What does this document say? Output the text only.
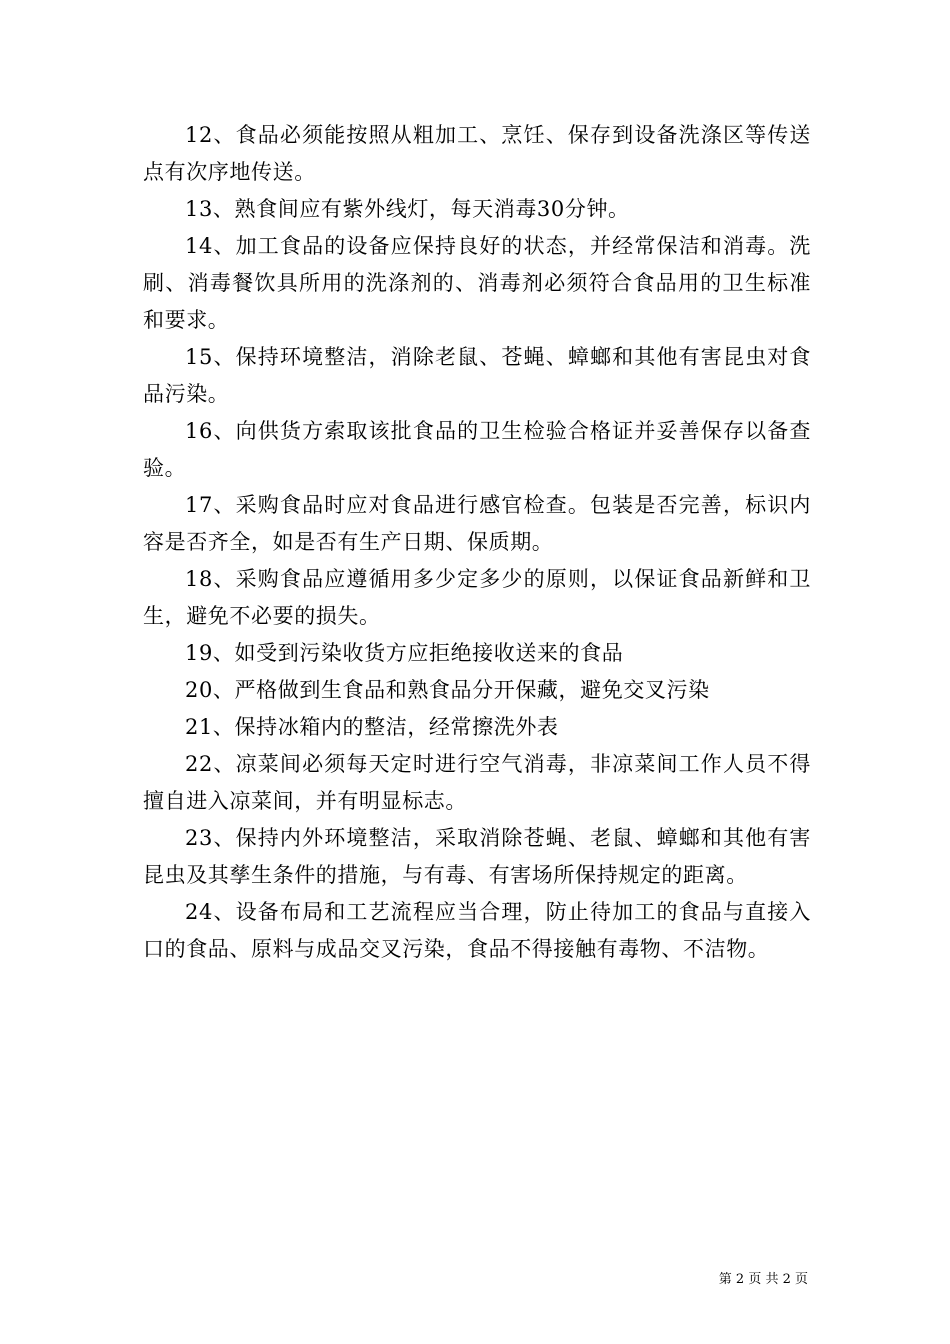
12、食品必须能按照从粗加工、烹饪、保存到设备洗涤区等传送点有次序地传送。

13、熟食间应有紫外线灯，每天消毒30分钟。

14、加工食品的设备应保持良好的状态，并经常保洁和消毒。洗刷、消毒餐饮具所用的洗涤剂的、消毒剂必须符合食品用的卫生标准和要求。

15、保持环境整洁，消除老鼠、苍蝇、蟑螂和其他有害昆虫对食品污染。

16、向供货方索取该批食品的卫生检验合格证并妥善保存以备查验。

17、采购食品时应对食品进行感官检查。包装是否完善，标识内容是否齐全，如是否有生产日期、保质期。

18、采购食品应遵循用多少定多少的原则，以保证食品新鲜和卫生，避免不必要的损失。

19、如受到污染收货方应拒绝接收送来的食品

20、严格做到生食品和熟食品分开保藏，避免交叉污染

21、保持冰箱内的整洁，经常擦洗外表

22、凉菜间必须每天定时进行空气消毒，非凉菜间工作人员不得擅自进入凉菜间，并有明显标志。

23、保持内外环境整洁，采取消除苍蝇、老鼠、蟑螂和其他有害昆虫及其孳生条件的措施，与有毒、有害场所保持规定的距离。

24、设备布局和工艺流程应当合理，防止待加工的食品与直接入口的食品、原料与成品交叉污染，食品不得接触有毒物、不洁物。

第 2 页 共 2 页
